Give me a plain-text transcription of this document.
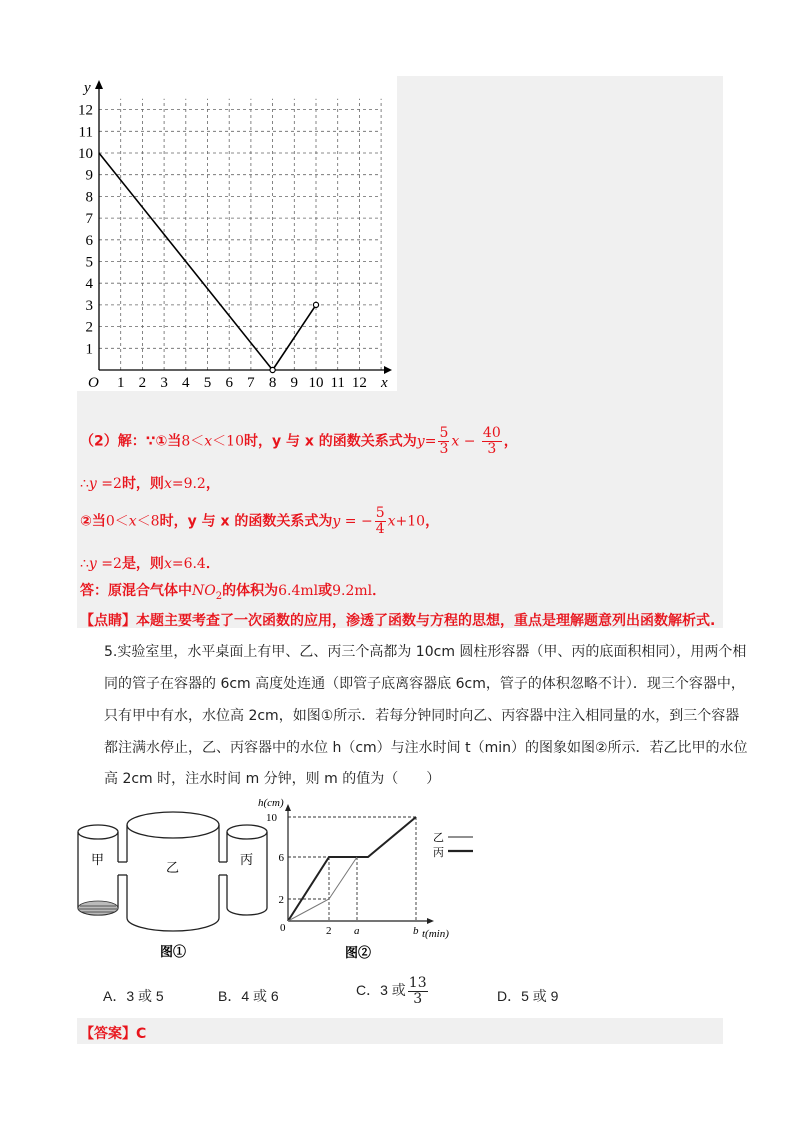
1 2 3 4 5 6 7 8 9 10 11 12
1
2
3
4
5
6
7
8
9
10
11
12
O	x
y
（2）解：∵①当8＜x＜10时，y 与 x 的函数关系式为$y= \frac{5}{3}$ $x - \frac{40}{3}$ ，
∴y =2时，则x=9.2，
②当0＜x＜8时，y 与 x 的函数关系式为y = − $\frac{5}{4} x+10$，
∴y =2是，则x=6.4．
答：原混合气体中$NO_2$的体积为6.4ml或9.2ml．
【点睛】本题主要考查了一次函数的应用，渗透了函数与方程的思想，重点是理解题意列出函数解析式.
5.实验室里，水平桌面上有甲、乙、丙三个高都为 10cm 圆柱形容器（甲、丙的底面积相同），用两个相
同的管子在容器的 6cm 高度处连通（即管子底离容器底 6cm，管子的体积忽略不计）．现三个容器中，
只有甲中有水，水位高 2cm，如图①所示．若每分钟同时向乙、丙容器中注入相同量的水，到三个容器
都注满水停止，乙、丙容器中的水位 h（cm）与注水时间 t（min）的图象如图②所示．若乙比甲的水位
高 2cm 时，注水时间 m 分钟，则 m 的值为（　　）
甲
乙
丙
图①
h(cm)
t(min)
0
10
6
2
2 a	b
乙
丙
图②
A．3 或 5	B．4 或 6	C．3 或 $\frac{13}{3}$	D．5 或 9
【答案】C
